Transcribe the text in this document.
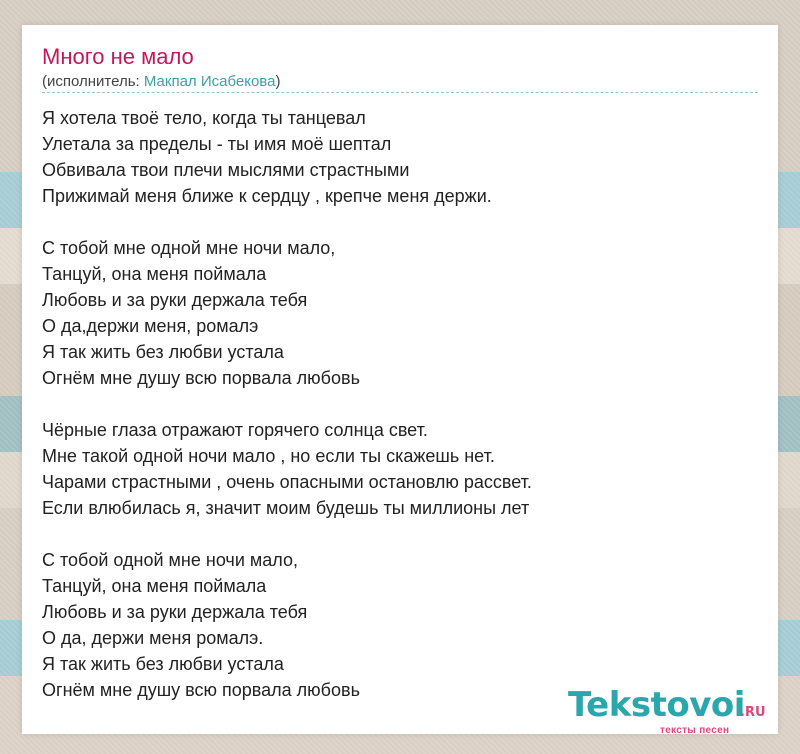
Много не мало
(исполнитель: Макпал Исабекова)
Я хотела твоё тело, когда ты танцевал
Улетала за пределы - ты имя моё шептал
Обвивала твои плечи мыслями страстными
Прижимай меня ближе к сердцу , крепче меня держи.
С тобой мне одной мне ночи мало,
Танцуй, она меня поймала
Любовь и за руки держала тебя
О да,держи меня, ромалэ
Я так жить без любви устала
Огнём мне душу всю порвала любовь
Чёрные глаза отражают горячего солнца свет.
Мне такой одной ночи мало , но если ты скажешь нет.
Чарами страстными , очень опасными остановлю рассвет.
Если влюбилась я, значит моим будешь ты миллионы лет
С тобой одной мне ночи мало,
Танцуй, она меня поймала
Любовь и за руки держала тебя
О да, держи меня ромалэ.
Я так жить без любви устала
Огнём мне душу всю порвала любовь	Tekstovoi
.RU
тексты песен
